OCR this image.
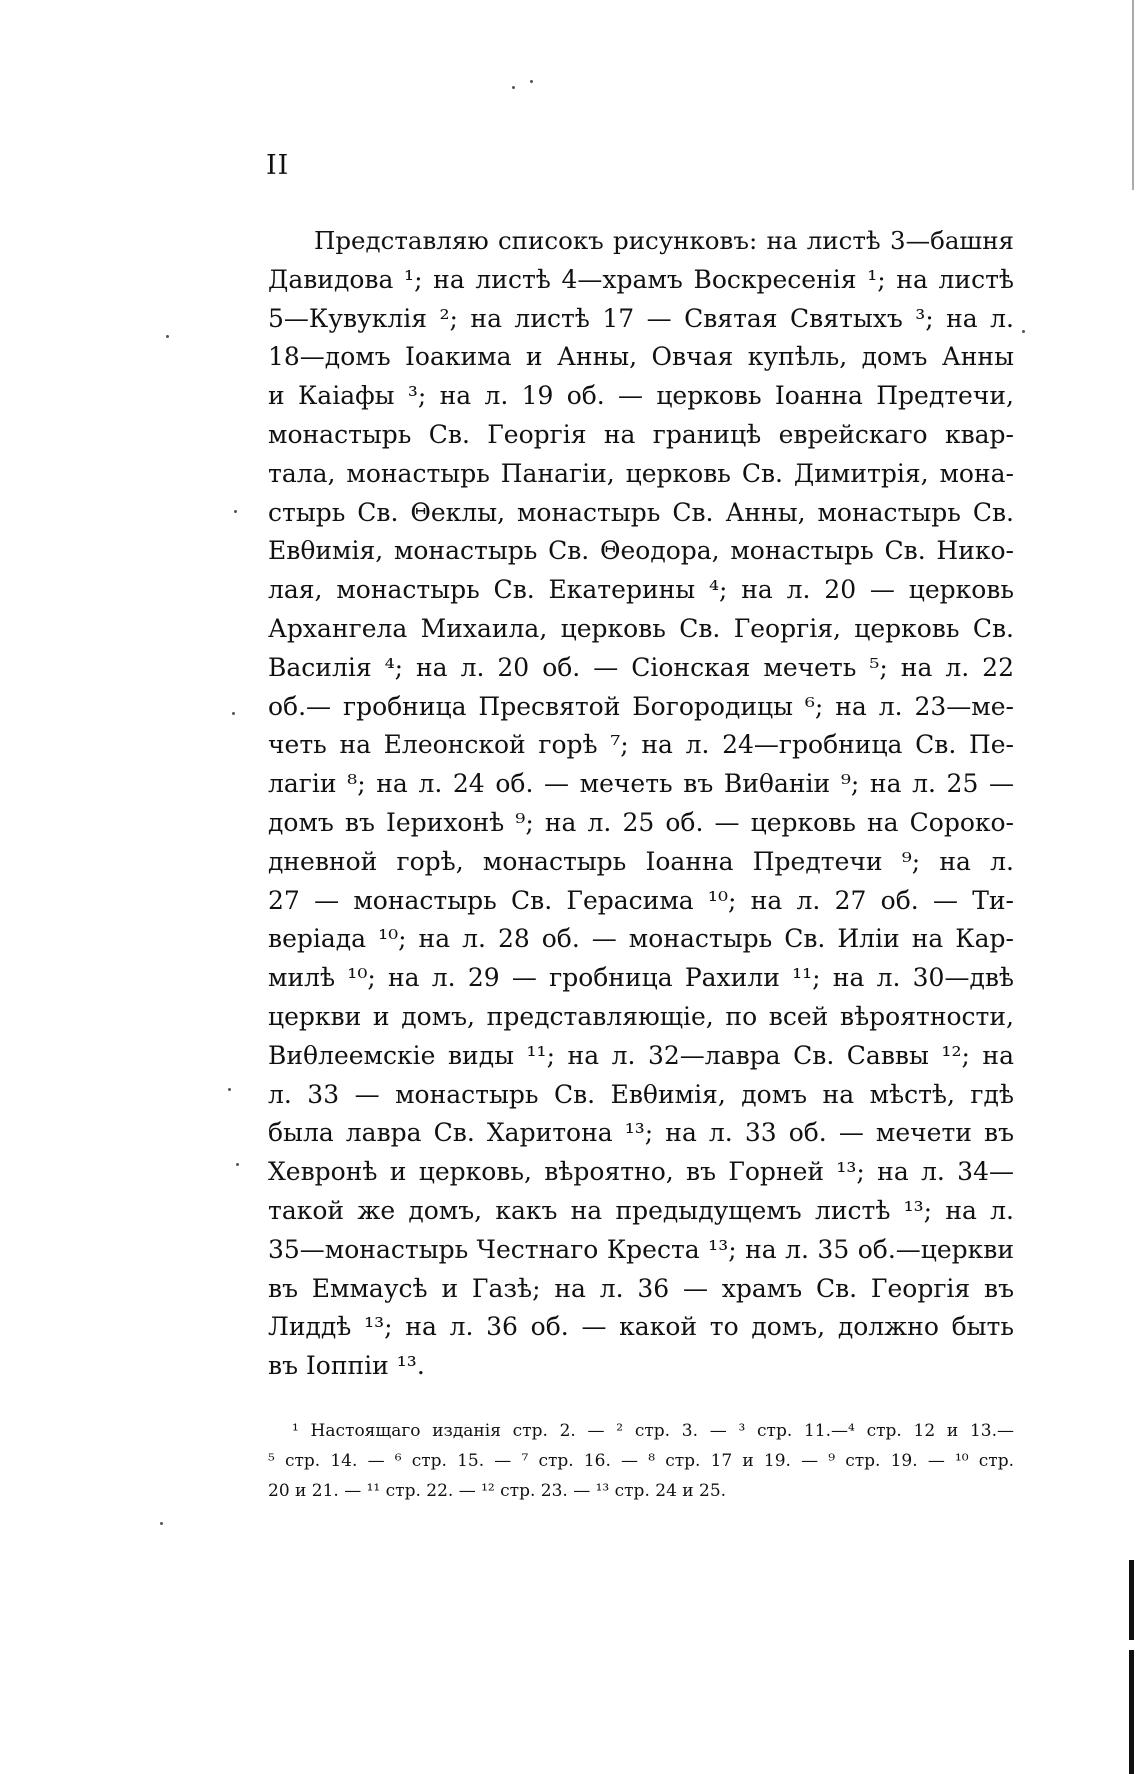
II
Представляю списокъ рисунковъ: на листѣ 3—башня
Давидова ¹; на листѣ 4—храмъ Воскресенія ¹; на листѣ
5—Кувуклія ²; на листѣ 17 — Святая Святыхъ ³; на л.
18—домъ Іоакима и Анны, Овчая купѣль, домъ Анны
и Каіафы ³; на л. 19 об. — церковь Іоанна Предтечи,
монастырь Св. Георгія на границѣ еврейскаго квар-
тала, монастырь Панагіи, церковь Св. Димитрія, мона-
стырь Св. Θеклы, монастырь Св. Анны, монастырь Св.
Евθимія, монастырь Св. Θеодора, монастырь Св. Нико-
лая, монастырь Св. Екатерины ⁴; на л. 20 — церковь
Архангела Михаила, церковь Св. Георгія, церковь Св.
Василія ⁴; на л. 20 об. — Сіонская мечеть ⁵; на л. 22
об.— гробница Пресвятой Богородицы ⁶; на л. 23—ме-
четь на Елеонской горѣ ⁷; на л. 24—гробница Св. Пе-
лагіи ⁸; на л. 24 об. — мечеть въ Виθаніи ⁹; на л. 25 —
домъ въ Іерихонѣ ⁹; на л. 25 об. — церковь на Сороко-
дневной горѣ, монастырь Іоанна Предтечи ⁹; на л.
27 — монастырь Св. Герасима ¹⁰; на л. 27 об. — Ти-
веріада ¹⁰; на л. 28 об. — монастырь Св. Иліи на Кар-
милѣ ¹⁰; на л. 29 — гробница Рахили ¹¹; на л. 30—двѣ
церкви и домъ, представляющіе, по всей вѣроятности,
Виθлеемскіе виды ¹¹; на л. 32—лавра Св. Саввы ¹²; на
л. 33 — монастырь Св. Евθимія, домъ на мѣстѣ, гдѣ
была лавра Св. Харитона ¹³; на л. 33 об. — мечети въ
Хевронѣ и церковь, вѣроятно, въ Горней ¹³; на л. 34—
такой же домъ, какъ на предыдущемъ листѣ ¹³; на л.
35—монастырь Честнаго Креста ¹³; на л. 35 об.—церкви
въ Еммаусѣ и Газѣ; на л. 36 — храмъ Св. Георгія въ
Лиддѣ ¹³; на л. 36 об. — какой то домъ, должно быть
въ Іоппіи ¹³.
¹ Настоящаго изданія стр. 2. — ² стр. 3. — ³ стр. 11.—⁴ стр. 12 и 13.—
⁵ стр. 14. — ⁶ стр. 15. — ⁷ стр. 16. — ⁸ стр. 17 и 19. — ⁹ стр. 19. — ¹⁰ стр.
20 и 21. — ¹¹ стр. 22. — ¹² стр. 23. — ¹³ стр. 24 и 25.
